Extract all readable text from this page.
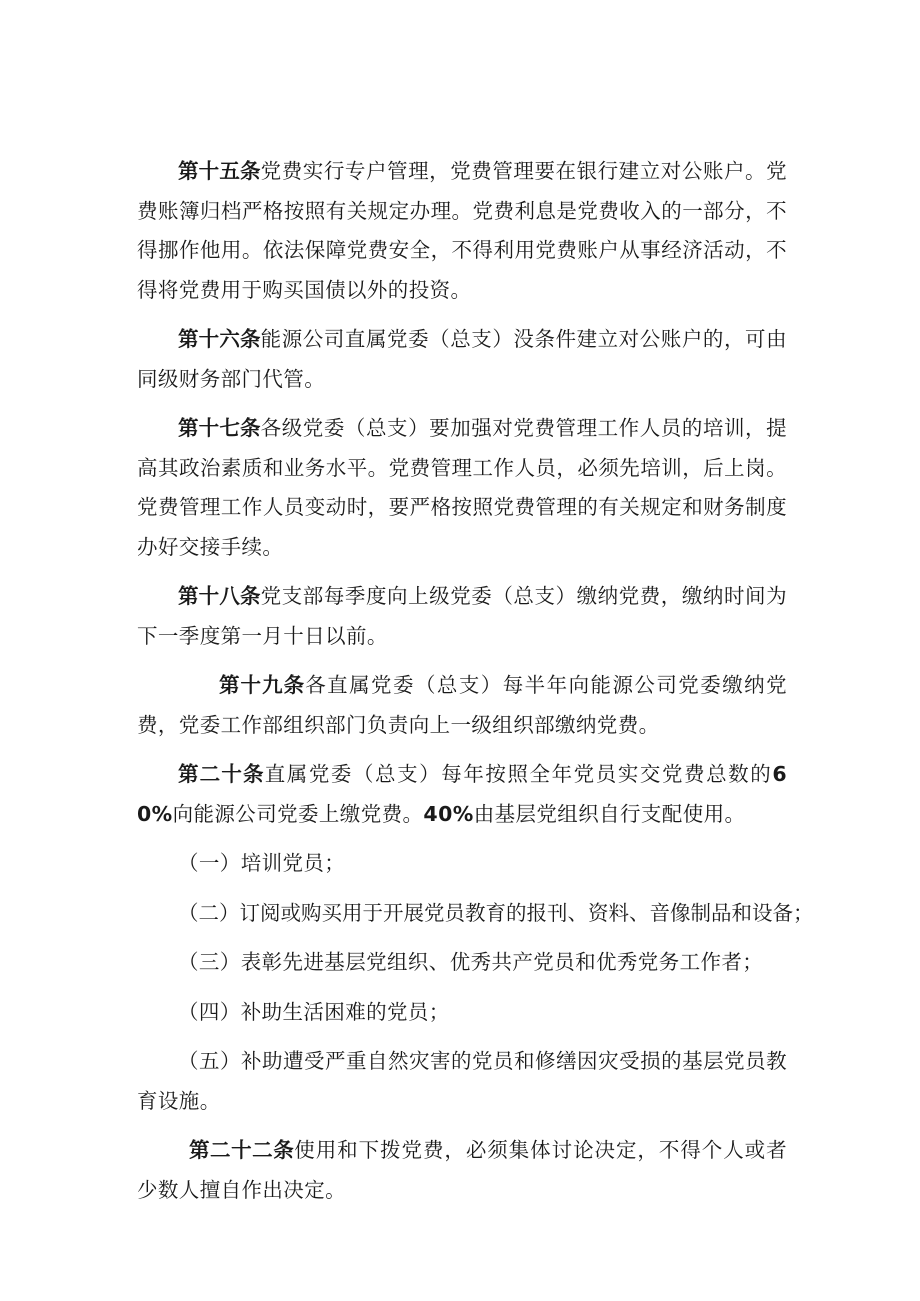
第十五条党费实行专户管理，党费管理要在银行建立对公账户。党费账簿归档严格按照有关规定办理。党费利息是党费收入的一部分，不得挪作他用。依法保障党费安全，不得利用党费账户从事经济活动，不得将党费用于购买国债以外的投资。

第十六条能源公司直属党委（总支）没条件建立对公账户的，可由同级财务部门代管。

第十七条各级党委（总支）要加强对党费管理工作人员的培训，提高其政治素质和业务水平。党费管理工作人员，必须先培训，后上岗。党费管理工作人员变动时，要严格按照党费管理的有关规定和财务制度办好交接手续。

第十八条党支部每季度向上级党委（总支）缴纳党费，缴纳时间为下一季度第一月十日以前。

第十九条各直属党委（总支）每半年向能源公司党委缴纳党费，党委工作部组织部门负责向上一级组织部缴纳党费。

第二十条直属党委（总支）每年按照全年党员实交党费总数的60%向能源公司党委上缴党费。40%由基层党组织自行支配使用。

（一）培训党员；

（二）订阅或购买用于开展党员教育的报刊、资料、音像制品和设备；

（三）表彰先进基层党组织、优秀共产党员和优秀党务工作者；

（四）补助生活困难的党员；

（五）补助遭受严重自然灾害的党员和修缮因灾受损的基层党员教育设施。

第二十二条使用和下拨党费，必须集体讨论决定，不得个人或者少数人擅自作出决定。
